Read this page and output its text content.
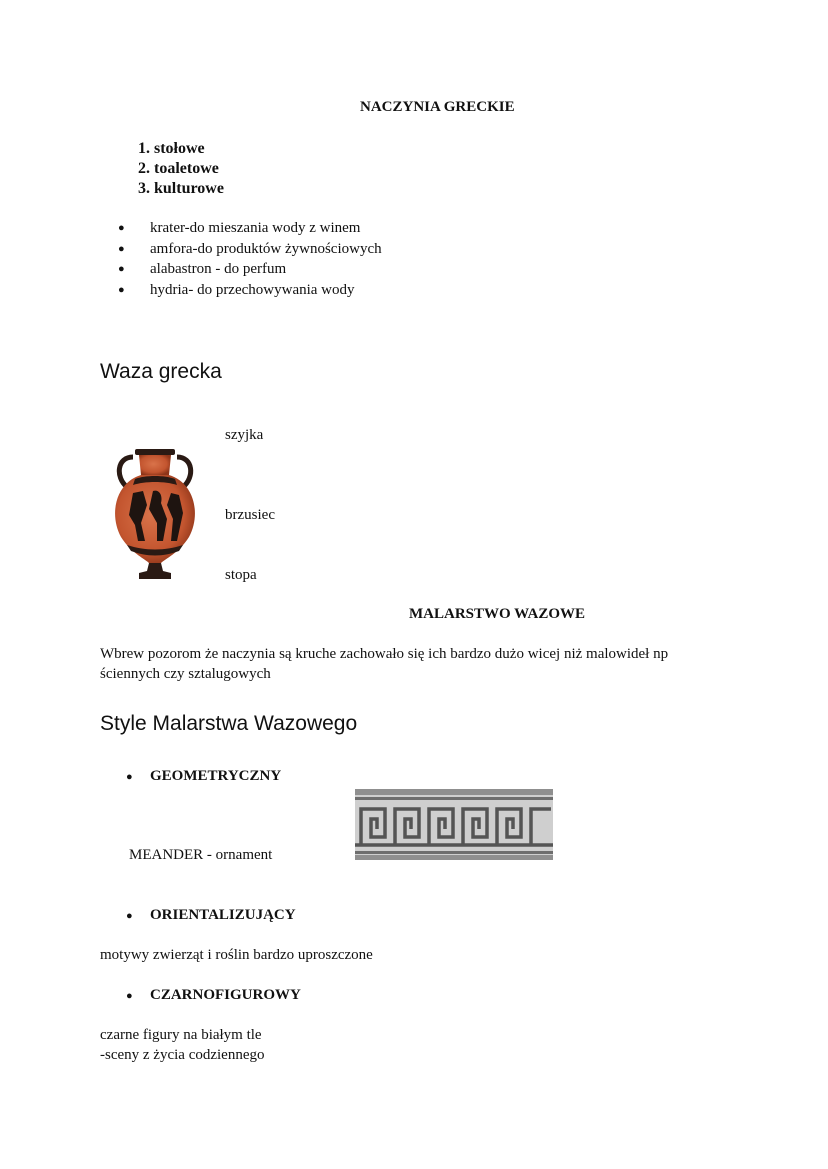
NACZYNIA GRECKIE
1. stołowe
2. toaletowe
3. kulturowe
● krater-do mieszania wody z winem
● amfora-do produktów żywnościowych
● alabastron - do perfum
● hydria- do przechowywania wody
Waza grecka
szyjka
brzusiec
stopa
MALARSTWO WAZOWE
Wbrew pozorom że naczynia są kruche zachowało się ich bardzo dużo wicej niż malowideł np
ściennych czy sztalugowych
Style Malarstwa Wazowego
● GEOMETRYCZNY
MEANDER - ornament
● ORIENTALIZUJĄCY
motywy zwierząt i roślin bardzo uproszczone
● CZARNOFIGUROWY
czarne figury na białym tle
-sceny z życia codziennego
